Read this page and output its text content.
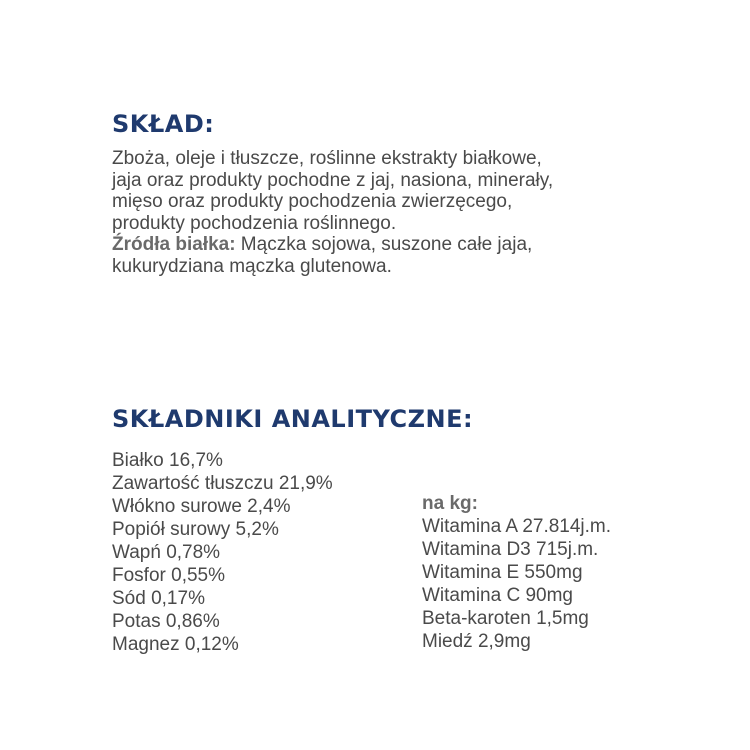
SKŁAD:

Zboża, oleje i tłuszcze, roślinne ekstrakty białkowe,
jaja oraz produkty pochodne z jaj, nasiona, minerały,
mięso oraz produkty pochodzenia zwierzęcego,
produkty pochodzenia roślinnego.
Źródła białka: Mączka sojowa, suszone całe jaja,
kukurydziana mączka glutenowa.

SKŁADNIKI ANALITYCZNE:
Białko 16,7%
Zawartość tłuszczu 21,9%
Włókno surowe 2,4%
Popiół surowy 5,2%
Wapń 0,78%
Fosfor 0,55%
Sód 0,17%
Potas 0,86%
Magnez 0,12%
na kg:
Witamina A 27.814j.m.
Witamina D3 715j.m.
Witamina E 550mg
Witamina C 90mg
Beta-karoten 1,5mg
Miedź 2,9mg
